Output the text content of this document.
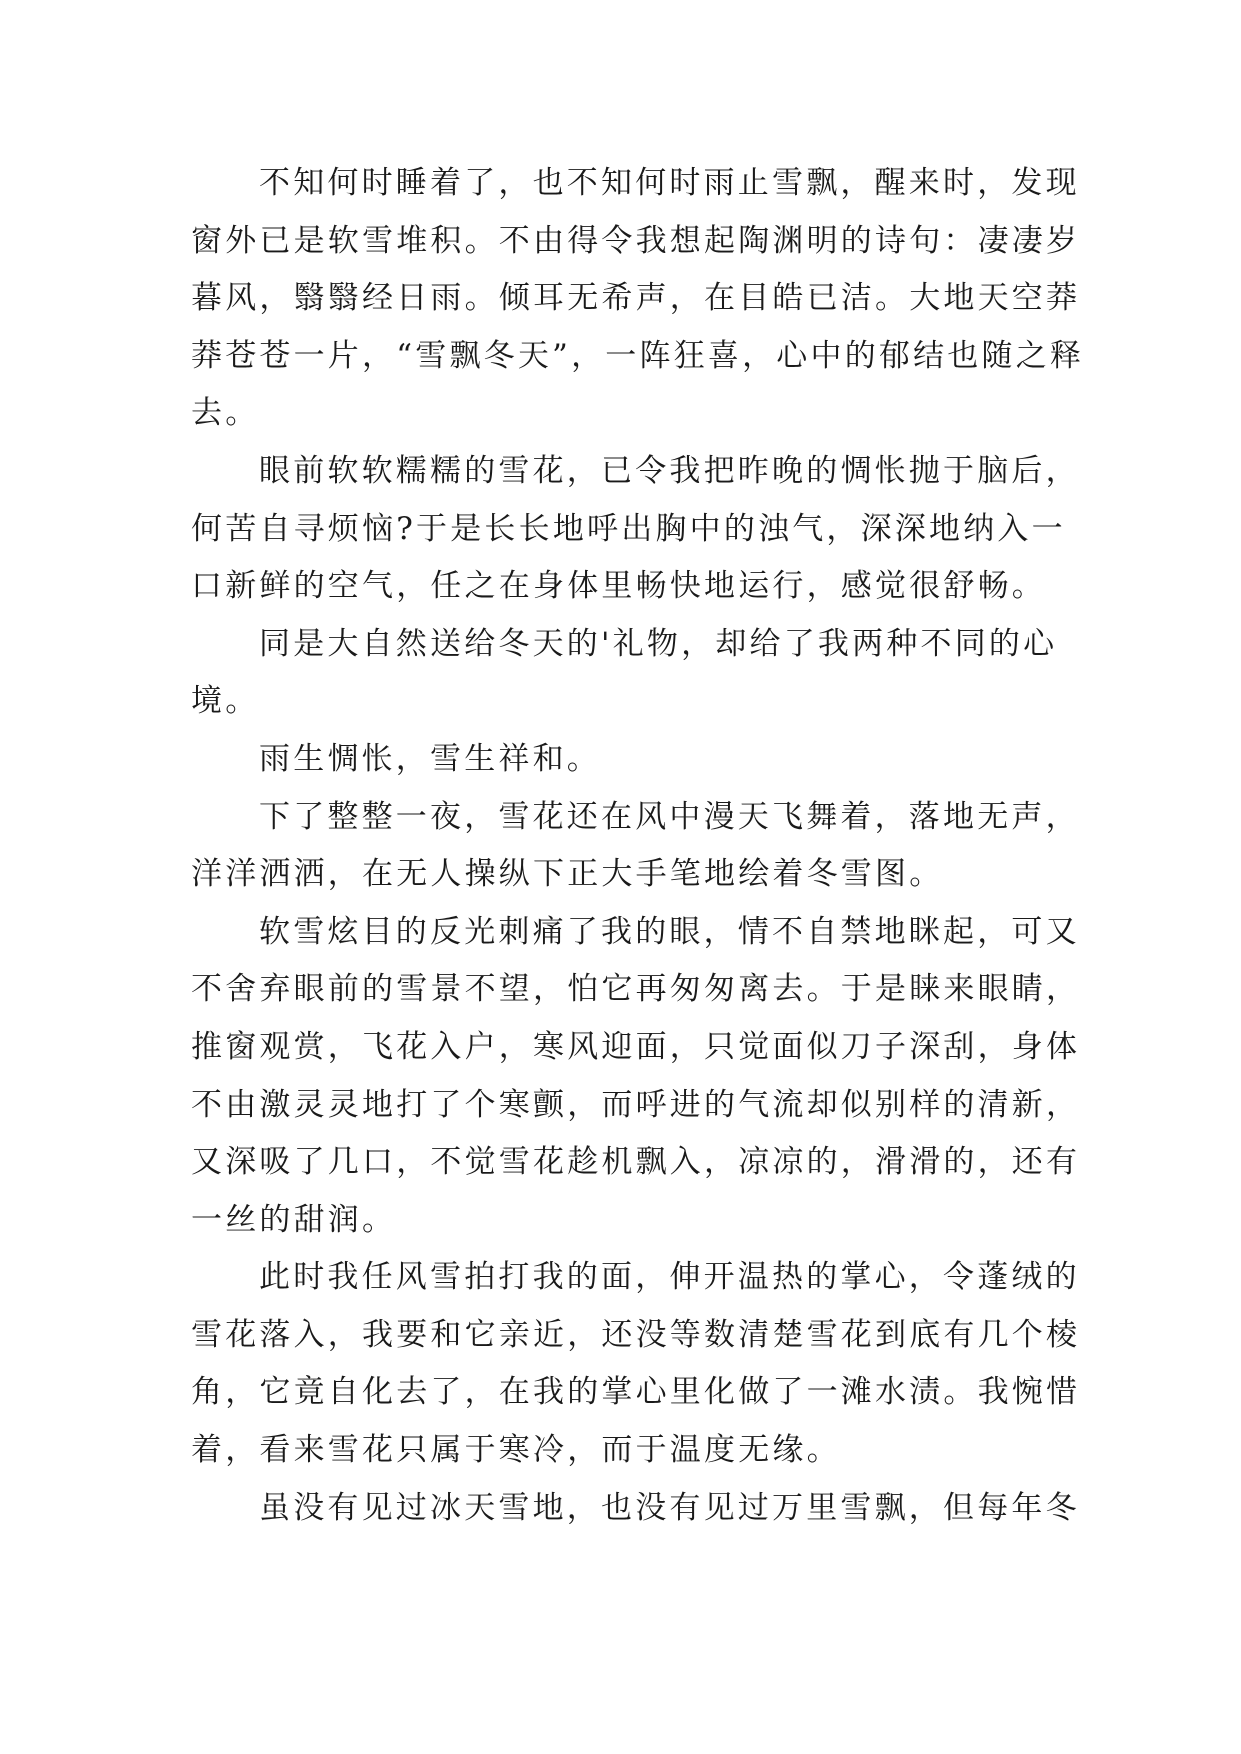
不知何时睡着了，也不知何时雨止雪飘，醒来时，发现
窗外已是软雪堆积。不由得令我想起陶渊明的诗句：凄凄岁
暮风，翳翳经日雨。倾耳无希声，在目皓已洁。大地天空莽
莽苍苍一片，“雪飘冬天”，一阵狂喜，心中的郁结也随之释
去。
眼前软软糯糯的雪花，已令我把昨晚的惆怅抛于脑后，
何苦自寻烦恼?于是长长地呼出胸中的浊气，深深地纳入一
口新鲜的空气，任之在身体里畅快地运行，感觉很舒畅。
同是大自然送给冬天的'礼物，却给了我两种不同的心
境。
雨生惆怅，雪生祥和。
下了整整一夜，雪花还在风中漫天飞舞着，落地无声，
洋洋洒洒，在无人操纵下正大手笔地绘着冬雪图。
软雪炫目的反光刺痛了我的眼，情不自禁地眯起，可又
不舍弃眼前的雪景不望，怕它再匆匆离去。于是睐来眼睛，
推窗观赏，飞花入户，寒风迎面，只觉面似刀子深刮，身体
不由激灵灵地打了个寒颤，而呼进的气流却似别样的清新，
又深吸了几口，不觉雪花趁机飘入，凉凉的，滑滑的，还有
一丝的甜润。
此时我任风雪拍打我的面，伸开温热的掌心，令蓬绒的
雪花落入，我要和它亲近，还没等数清楚雪花到底有几个棱
角，它竟自化去了，在我的掌心里化做了一滩水渍。我惋惜
着，看来雪花只属于寒冷，而于温度无缘。
虽没有见过冰天雪地，也没有见过万里雪飘，但每年冬
